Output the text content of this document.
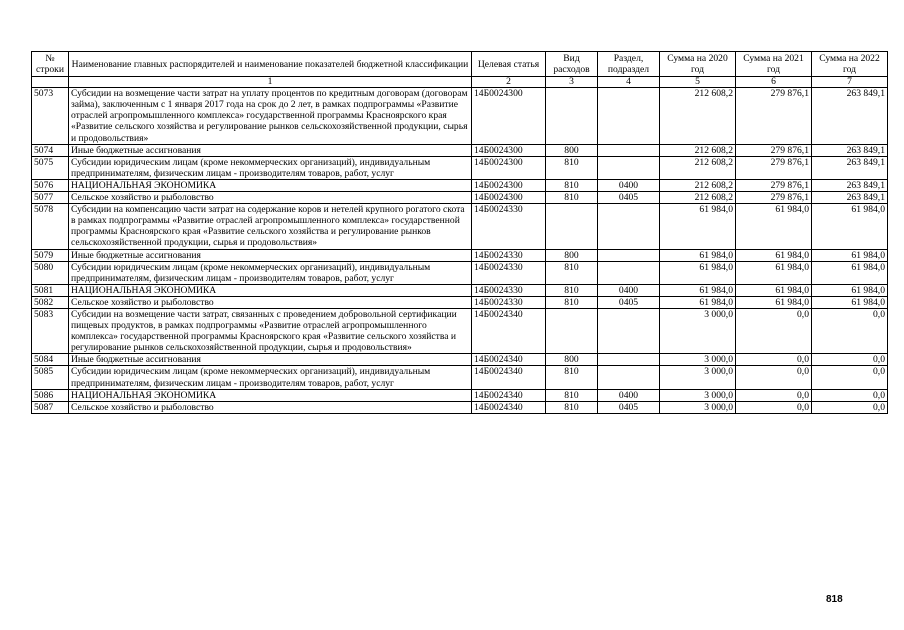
№ строки	Наименование главных распорядителей и наименование показателей бюджетной классификации	Целевая статья	Вид расходов	Раздел, подраздел	Сумма на 2020 год	Сумма на 2021 год	Сумма на 2022 год
	1	2	3	4	5	6	7
5073	Субсидии на возмещение части затрат на уплату процентов по кредитным договорам (договорам займа), заключенным с 1 января 2017 года на срок до 2 лет, в рамках подпрограммы «Развитие отраслей агропромышленного комплекса» государственной программы Красноярского края «Развитие сельского хозяйства и регулирование рынков сельскохозяйственной продукции, сырья и продовольствия»	14Б0024300			212 608,2	279 876,1	263 849,1
5074	Иные бюджетные ассигнования	14Б0024300	800		212 608,2	279 876,1	263 849,1
5075	Субсидии юридическим лицам (кроме некоммерческих организаций), индивидуальным предпринимателям, физическим лицам - производителям товаров, работ, услуг	14Б0024300	810		212 608,2	279 876,1	263 849,1
5076	НАЦИОНАЛЬНАЯ ЭКОНОМИКА	14Б0024300	810	0400	212 608,2	279 876,1	263 849,1
5077	Сельское хозяйство и рыболовство	14Б0024300	810	0405	212 608,2	279 876,1	263 849,1
5078	Субсидии на компенсацию части затрат на содержание коров и нетелей крупного рогатого скота в рамках подпрограммы «Развитие отраслей агропромышленного комплекса» государственной программы Красноярского края «Развитие сельского хозяйства и регулирование рынков сельскохозяйственной продукции, сырья и продовольствия»	14Б0024330			61 984,0	61 984,0	61 984,0
5079	Иные бюджетные ассигнования	14Б0024330	800		61 984,0	61 984,0	61 984,0
5080	Субсидии юридическим лицам (кроме некоммерческих организаций), индивидуальным предпринимателям, физическим лицам - производителям товаров, работ, услуг	14Б0024330	810		61 984,0	61 984,0	61 984,0
5081	НАЦИОНАЛЬНАЯ ЭКОНОМИКА	14Б0024330	810	0400	61 984,0	61 984,0	61 984,0
5082	Сельское хозяйство и рыболовство	14Б0024330	810	0405	61 984,0	61 984,0	61 984,0
5083	Субсидии на возмещение части затрат, связанных с проведением добровольной сертификации пищевых продуктов, в рамках подпрограммы «Развитие отраслей агропромышленного комплекса» государственной программы Красноярского края «Развитие сельского хозяйства и регулирование рынков сельскохозяйственной продукции, сырья и продовольствия»	14Б0024340			3 000,0	0,0	0,0
5084	Иные бюджетные ассигнования	14Б0024340	800		3 000,0	0,0	0,0
5085	Субсидии юридическим лицам (кроме некоммерческих организаций), индивидуальным предпринимателям, физическим лицам - производителям товаров, работ, услуг	14Б0024340	810		3 000,0	0,0	0,0
5086	НАЦИОНАЛЬНАЯ ЭКОНОМИКА	14Б0024340	810	0400	3 000,0	0,0	0,0
5087	Сельское хозяйство и рыболовство	14Б0024340	810	0405	3 000,0	0,0	0,0
818
